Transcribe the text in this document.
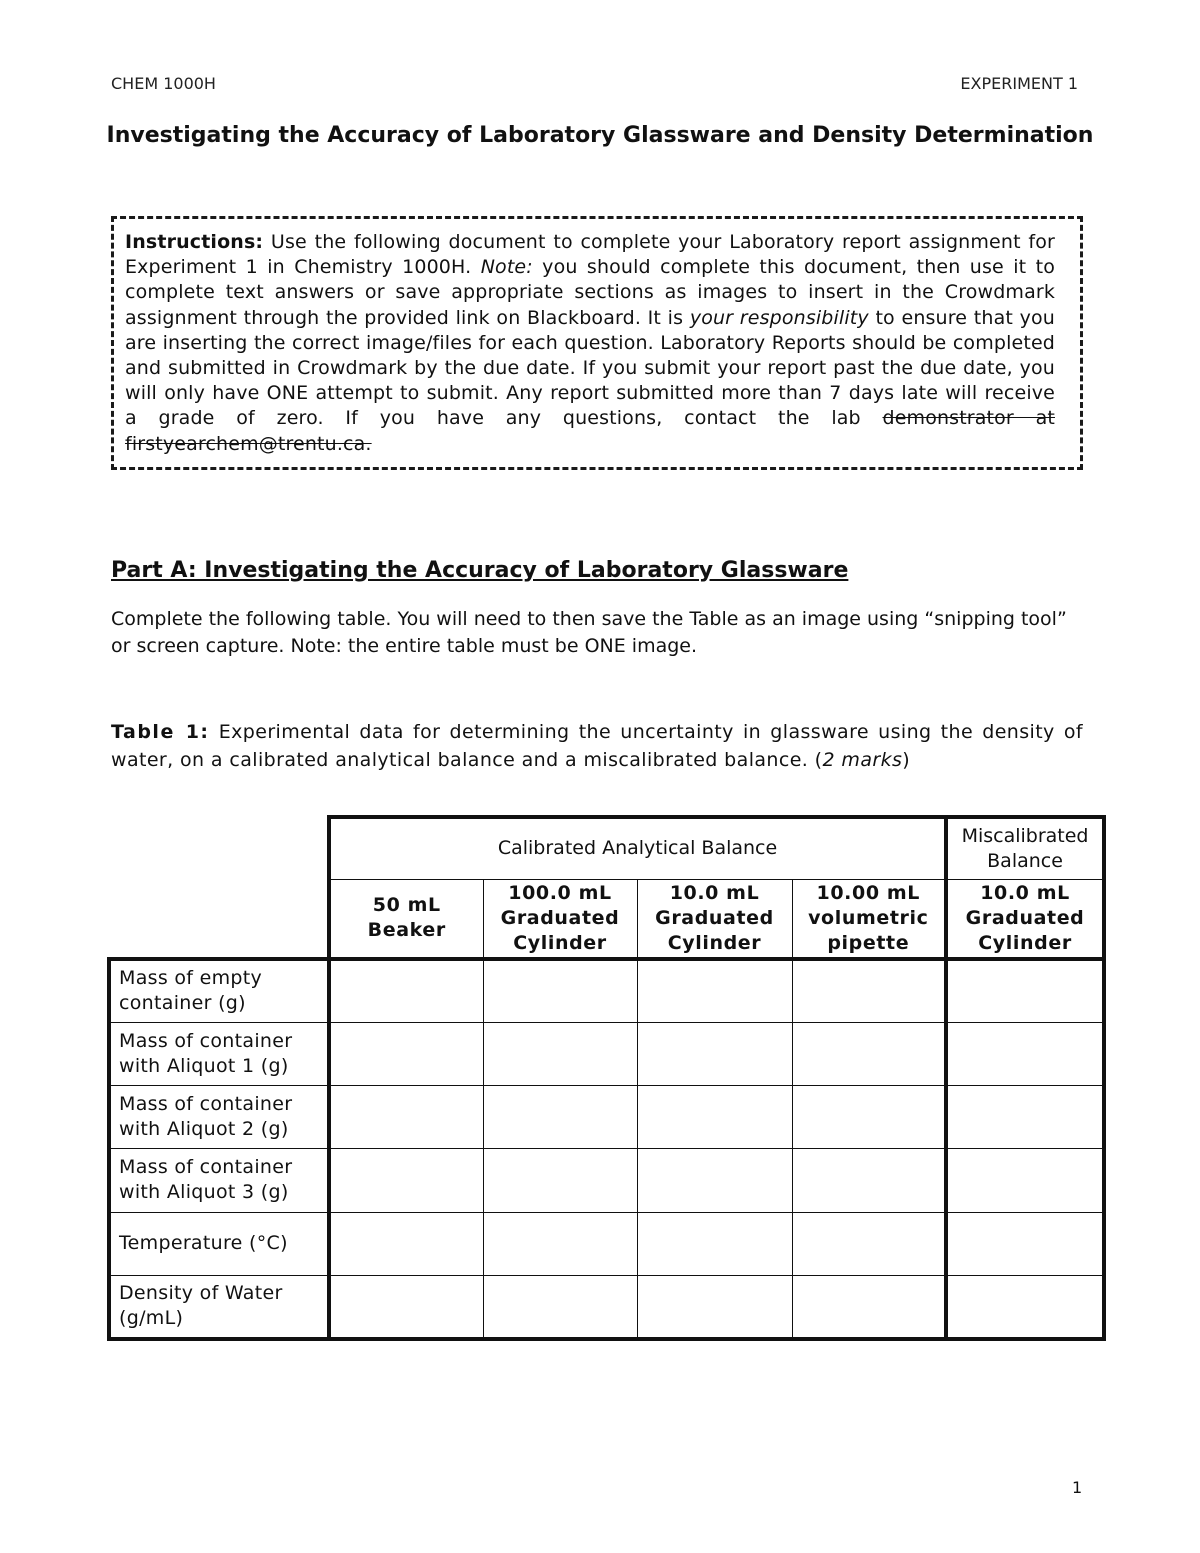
CHEM 1000H	EXPERIMENT 1
Investigating the Accuracy of Laboratory Glassware and Density Determination
Instructions: Use the following document to complete your Laboratory report assignment for Experiment 1 in Chemistry 1000H. Note: you should complete this document, then use it to complete text answers or save appropriate sections as images to insert in the Crowdmark assignment through the provided link on Blackboard. It is your responsibility to ensure that you are inserting the correct image/files for each question. Laboratory Reports should be completed and submitted in Crowdmark by the due date. If you submit your report past the due date, you will only have ONE attempt to submit. Any report submitted more than 7 days late will receive a grade of zero. If you have any questions, contact the lab demonstrator at firstyearchem@trentu.ca.
Part A: Investigating the Accuracy of Laboratory Glassware
Complete the following table. You will need to then save the Table as an image using “snipping tool” or screen capture. Note: the entire table must be ONE image.
Table 1: Experimental data for determining the uncertainty in glassware using the density of water, on a calibrated analytical balance and a miscalibrated balance. (2 marks)
	Calibrated Analytical Balance				Miscalibrated Balance
	50 mL Beaker	100.0 mL Graduated Cylinder	10.0 mL Graduated Cylinder	10.00 mL volumetric pipette	10.0 mL Graduated Cylinder
Mass of empty container (g)					
Mass of container with Aliquot 1 (g)					
Mass of container with Aliquot 2 (g)					
Mass of container with Aliquot 3 (g)					
Temperature (°C)					
Density of Water (g/mL)					
1
